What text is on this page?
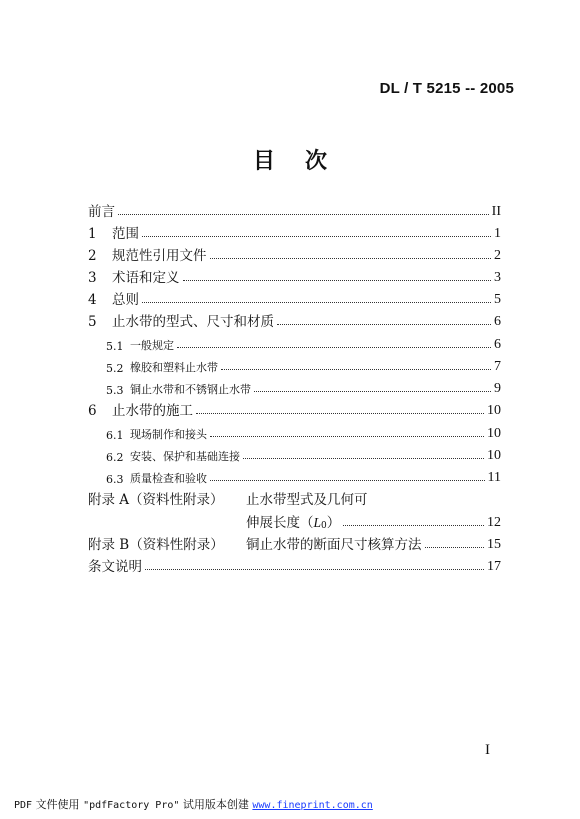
DL / T 5215 -- 2005
目次
前言	II
1	范围	1
2	规范性引用文件	2
3	术语和定义	3
4	总则	5
5	止水带的型式、尺寸和材质	6
5.1 一般规定	6
5.2 橡胶和塑料止水带	7
5.3 铜止水带和不锈钢止水带	9
6	止水带的施工	10
6.1 现场制作和接头	10
6.2 安装、保护和基础连接	10
6.3 质量检查和验收	11
附录 A（资料性附录）	止水带型式及几何可
伸展长度（ $L_0$ ）	12
附录 B（资料性附录）	铜止水带的断面尺寸核算方法	15
条文说明	17
I
PDF 文件使用 "pdfFactory Pro" 试用版本创建 www.fineprint.com.cn
